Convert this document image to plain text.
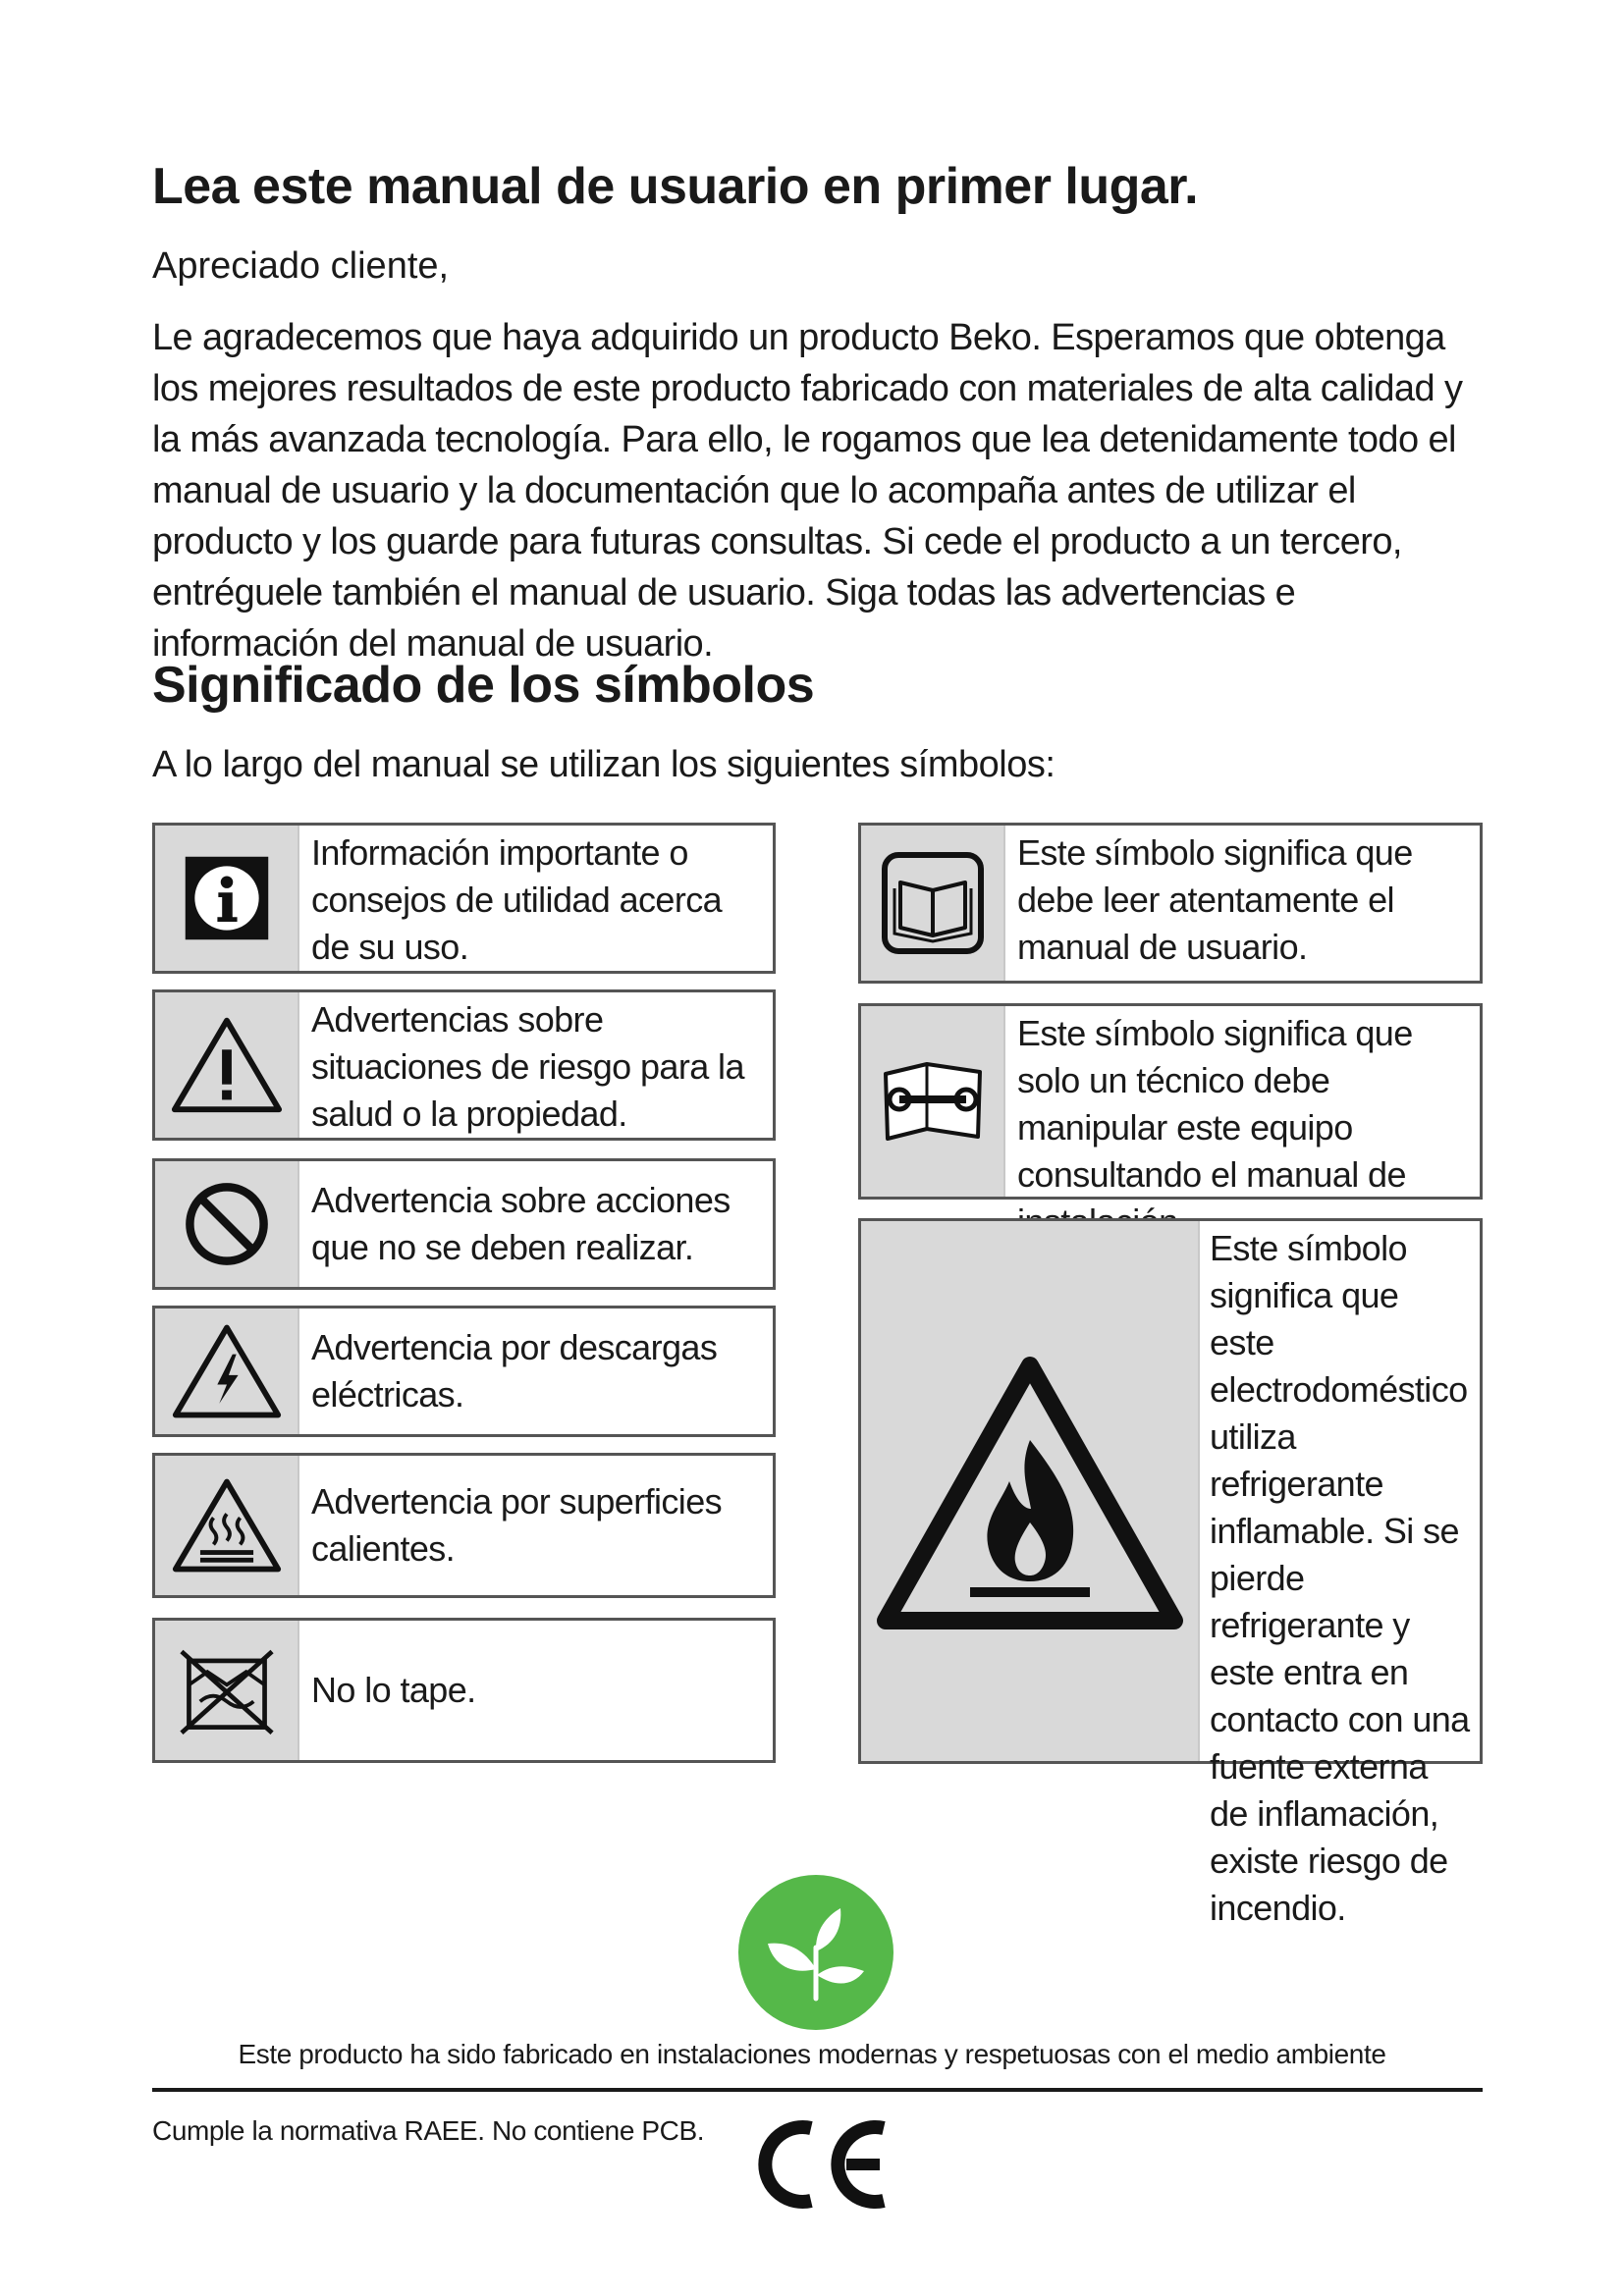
Lea este manual de usuario en primer lugar.

Apreciado cliente,

Le agradecemos que haya adquirido un producto Beko. Esperamos que obtenga los mejores resultados de este producto fabricado con materiales de alta calidad y la más avanzada tecnología. Para ello, le rogamos que lea detenidamente todo el manual de usuario y la documentación que lo acompaña antes de utilizar el producto y los guarde para futuras consultas. Si cede el producto a un tercero, entréguele también el manual de usuario. Siga todas las advertencias e información del manual de usuario.

Significado de los símbolos

A lo largo del manual se utilizan los siguientes símbolos:

Información importante o consejos de utilidad acerca de su uso.
Advertencias sobre situaciones de riesgo para la salud o la propiedad.
Advertencia sobre acciones que no se deben realizar.
Advertencia por descargas eléctricas.
Advertencia por superficies calientes.
No lo tape.
Este símbolo significa que debe leer atentamente el manual de usuario.
Este símbolo significa que solo un técnico debe manipular este equipo consultando el manual de
Este símbolo significa que este electrodoméstico utiliza refrigerante inflamable. Si se pierde refrigerante y este entra en contacto con una fuente externa de inflamación, existe riesgo de incendio.

Este producto ha sido fabricado en instalaciones modernas y respetuosas con el medio ambiente

Cumple la normativa RAEE. No contiene PCB.
